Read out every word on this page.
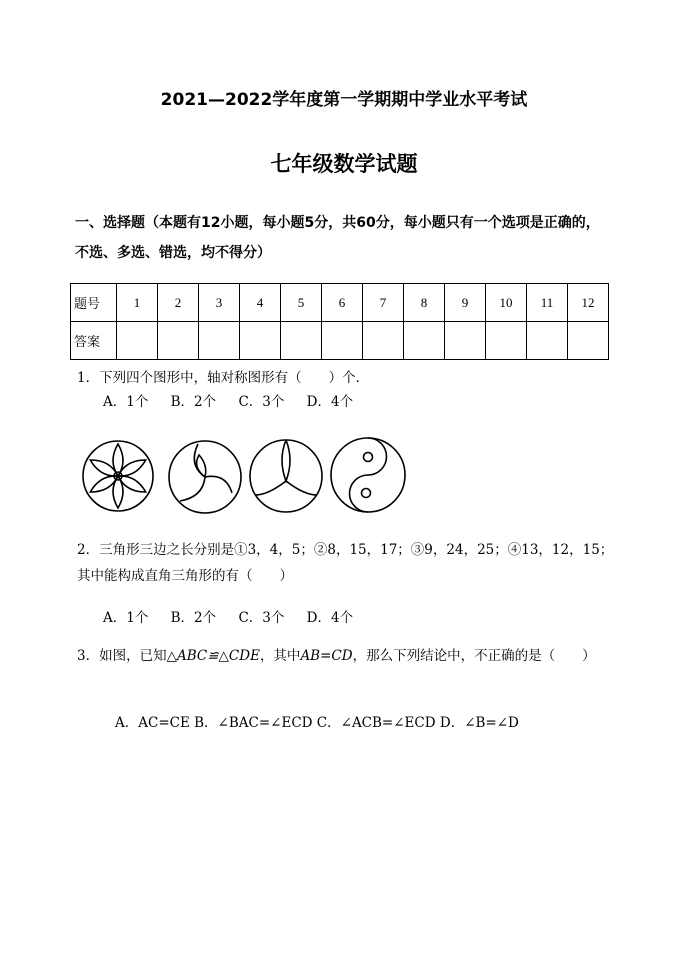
2021—2022学年度第一学期期中学业水平考试
七年级数学试题
一、选择题（本题有12小题，每小题5分，共60分，每小题只有一个选项是正确的，
不选、多选、错选，均不得分）
题号	1	2	3	4	5	6	7	8	9	10	11	12
答案												
1．下列四个图形中，轴对称图形有（　　）个．
A．1个 B．2个 C．3个 D．4个
2．三角形三边之长分别是①3，4，5；②8，15，17；③9，24，25；④13，12，15；其中能构成直角三角形的有（　　）
A．1个 B．2个 C．3个 D．4个
3．如图，已知△ABC≌△CDE，其中AB=CD，那么下列结论中，不正确的是（　　）
A．AC=CE B．∠BAC=∠ECD C．∠ACB=∠ECD D．∠B=∠D
